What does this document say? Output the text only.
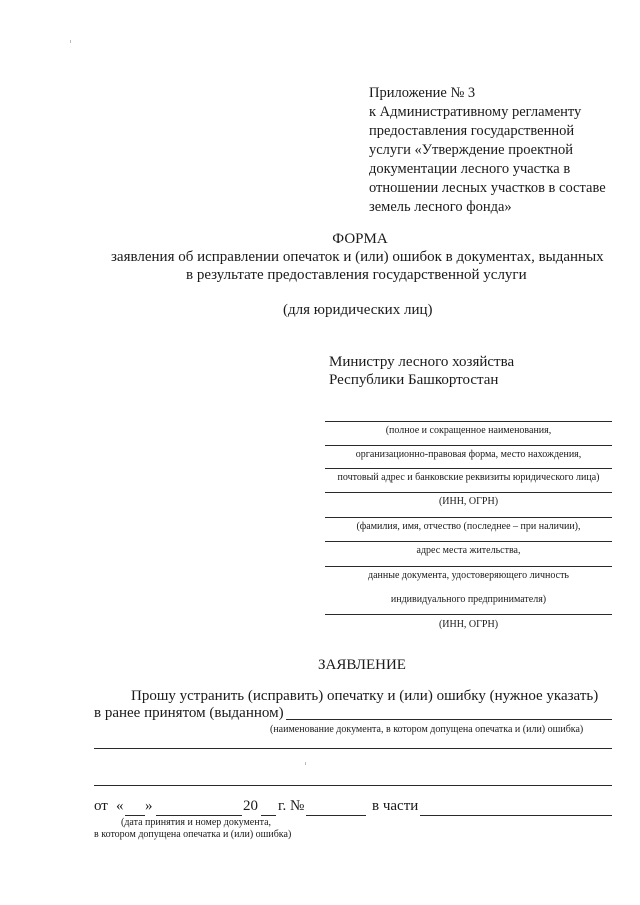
Приложение № 3
к Административному регламенту
предоставления государственной
услуги «Утверждение проектной
документации лесного участка в
отношении лесных участков в составе
земель лесного фонда»
ФОРМА
заявления об исправлении опечаток и (или) ошибок в документах, выданных
в результате предоставления государственной услуги
(для юридических лиц)
Министру лесного хозяйства
Республики Башкортостан
(полное и сокращенное наименования,
организационно-правовая форма, место нахождения,
почтовый адрес и банковские реквизиты юридического лица)
(ИНН, ОГРН)
(фамилия, имя, отчество (последнее – при наличии),
адрес места жительства,
данные документа, удостоверяющего личность
индивидуального предпринимателя)
(ИНН, ОГРН)
ЗАЯВЛЕНИЕ
Прошу устранить (исправить) опечатку и (или) ошибку (нужное указать)
в ранее принятом (выданном)
(наименование документа, в котором допущена опечатка и (или) ошибка)
от « »	20 г. №	в части
(дата принятия и номер документа,
в котором допущена опечатка и (или) ошибка)
